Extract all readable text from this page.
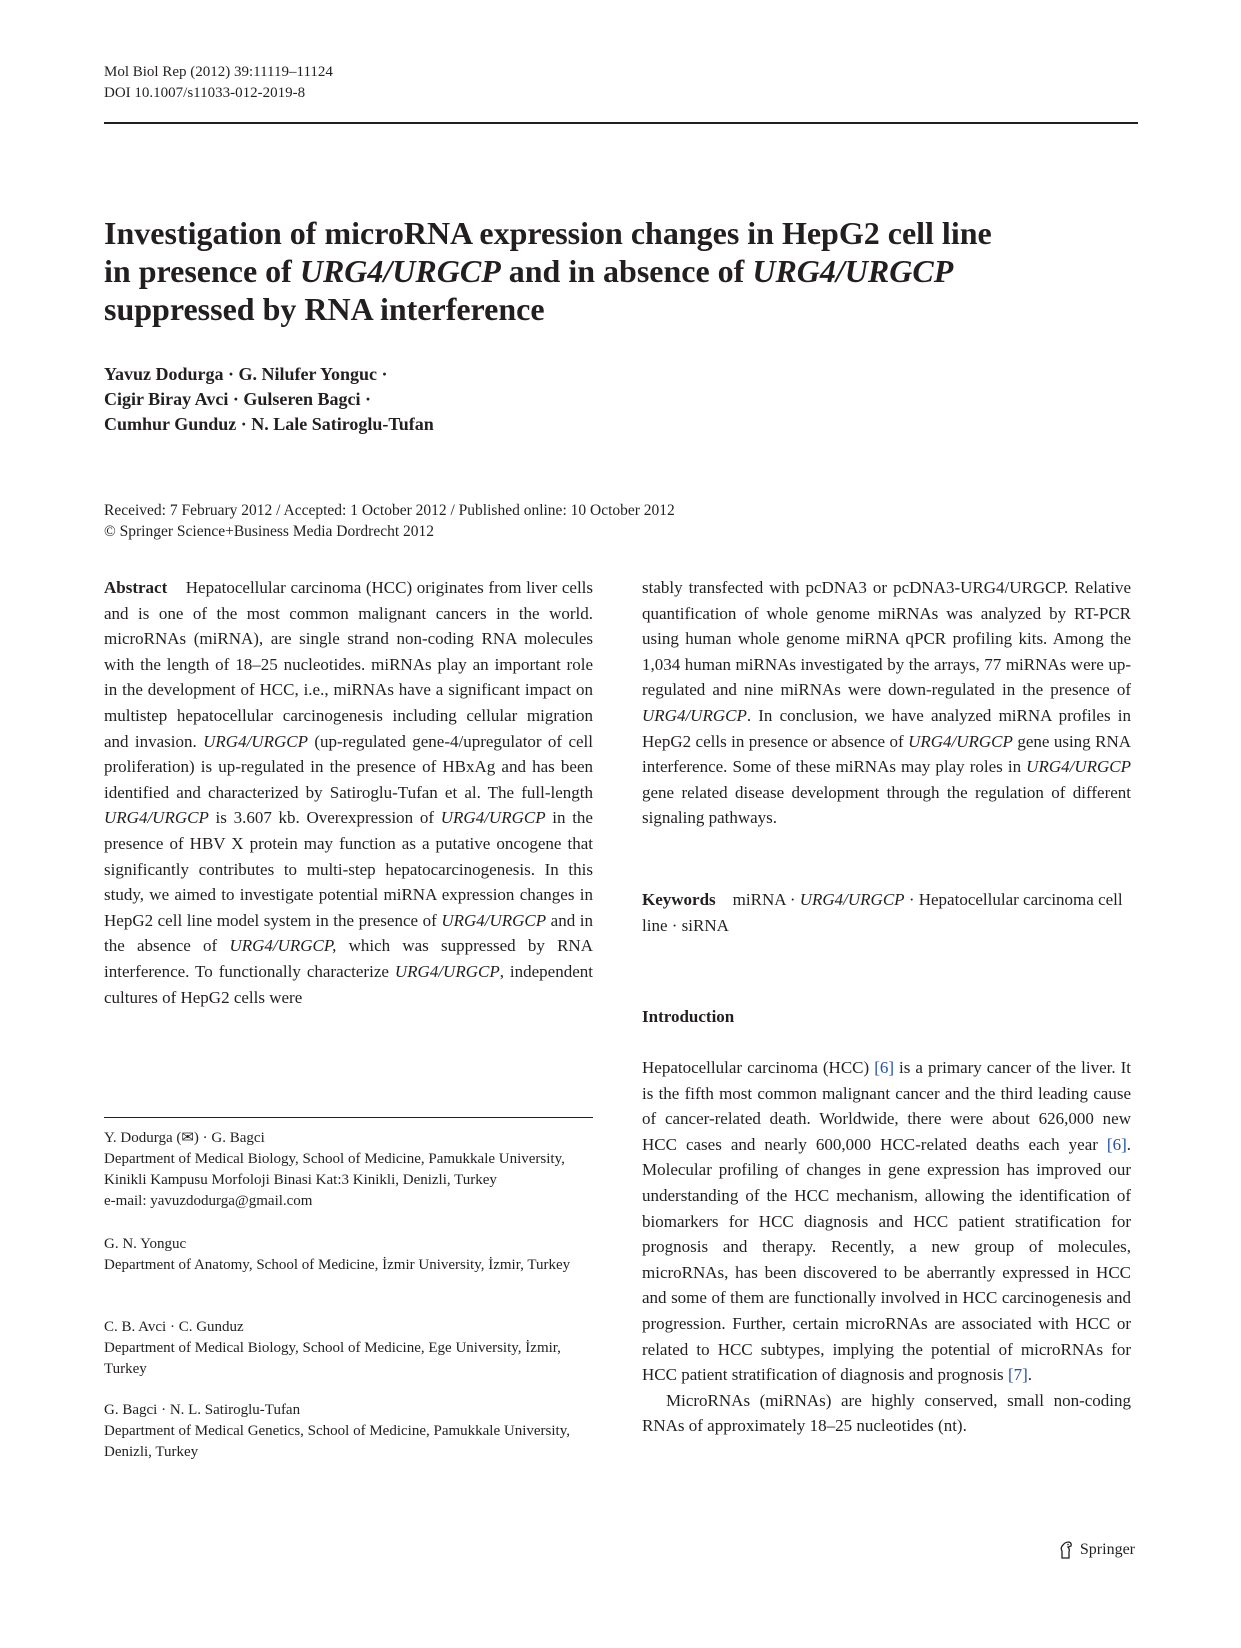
Mol Biol Rep (2012) 39:11119–11124
DOI 10.1007/s11033-012-2019-8
Investigation of microRNA expression changes in HepG2 cell line
in presence of URG4/URGCP and in absence of URG4/URGCP
suppressed by RNA interference
Yavuz Dodurga · G. Nilufer Yonguc ·
Cigir Biray Avci · Gulseren Bagci ·
Cumhur Gunduz · N. Lale Satiroglu-Tufan
Received: 7 February 2012 / Accepted: 1 October 2012 / Published online: 10 October 2012
© Springer Science+Business Media Dordrecht 2012

Abstract Hepatocellular carcinoma (HCC) originates from liver cells and is one of the most common malignant cancers in the world. microRNAs (miRNA), are single strand non-coding RNA molecules with the length of 18–25 nucleotides. miRNAs play an important role in the development of HCC, i.e., miRNAs have a significant impact on multistep hepatocellular carcinogenesis including cellular migration and invasion. URG4/URGCP (up-regulated gene-4/upregulator of cell proliferation) is up-regulated in the presence of HBxAg and has been identified and characterized by Satiroglu-Tufan et al. The full-length URG4/URGCP is 3.607 kb. Overexpression of URG4/URGCP in the presence of HBV X protein may function as a putative oncogene that significantly contributes to multi-step hepatocarcinogenesis. In this study, we aimed to investigate potential miRNA expression changes in HepG2 cell line model system in the presence of URG4/URGCP and in the absence of URG4/URGCP, which was suppressed by RNA interference. To functionally characterize URG4/URGCP, independent cultures of HepG2 cells were

stably transfected with pcDNA3 or pcDNA3-URG4/URGCP. Relative quantification of whole genome miRNAs was analyzed by RT-PCR using human whole genome miRNA qPCR profiling kits. Among the 1,034 human miRNAs investigated by the arrays, 77 miRNAs were up-regulated and nine miRNAs were down-regulated in the presence of URG4/URGCP. In conclusion, we have analyzed miRNA profiles in HepG2 cells in presence or absence of URG4/URGCP gene using RNA interference. Some of these miRNAs may play roles in URG4/URGCP gene related disease development through the regulation of different signaling pathways.

Keywords miRNA · URG4/URGCP · Hepatocellular carcinoma cell line · siRNA
Y. Dodurga (✉) · G. Bagci
Department of Medical Biology, School of Medicine, Pamukkale University, Kinikli Kampusu Morfoloji Binasi Kat:3 Kinikli, Denizli, Turkey
e-mail: yavuzdodurga@gmail.com
G. N. Yonguc
Department of Anatomy, School of Medicine, İzmir University, İzmir, Turkey
C. B. Avci · C. Gunduz
Department of Medical Biology, School of Medicine, Ege University, İzmir, Turkey
G. Bagci · N. L. Satiroglu-Tufan
Department of Medical Genetics, School of Medicine, Pamukkale University, Denizli, Turkey
Introduction

Hepatocellular carcinoma (HCC) [6] is a primary cancer of the liver. It is the fifth most common malignant cancer and the third leading cause of cancer-related death. Worldwide, there were about 626,000 new HCC cases and nearly 600,000 HCC-related deaths each year [6]. Molecular profiling of changes in gene expression has improved our understanding of the HCC mechanism, allowing the identification of biomarkers for HCC diagnosis and HCC patient stratification for prognosis and therapy. Recently, a new group of molecules, microRNAs, has been discovered to be aberrantly expressed in HCC and some of them are functionally involved in HCC carcinogenesis and progression. Further, certain microRNAs are associated with HCC or related to HCC subtypes, implying the potential of microRNAs for HCC patient stratification of diagnosis and prognosis [7].

MicroRNAs (miRNAs) are highly conserved, small non-coding RNAs of approximately 18–25 nucleotides (nt).

Springer
